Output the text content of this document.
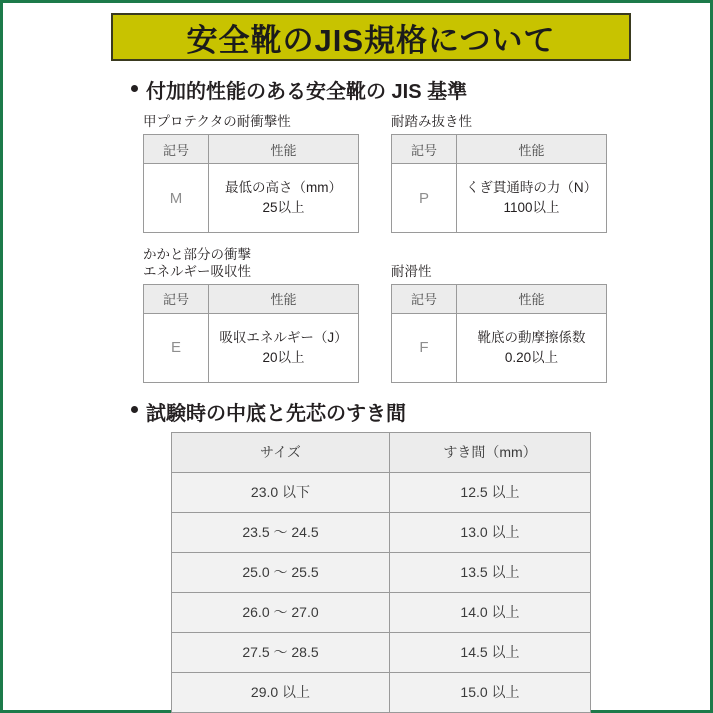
安全靴のJIS規格について
付加的性能のある安全靴の JIS 基準
甲プロテクタの耐衝撃性
記号	性能
M	最低の高さ（mm）
25以上
耐踏み抜き性
記号	性能
P	くぎ貫通時の力（N）
1100以上
かかと部分の衝撃
エネルギー吸収性
記号	性能
E	吸収エネルギー（J）
20以上

耐滑性
記号	性能
F	靴底の動摩擦係数
0.20以上
試験時の中底と先芯のすき間
サイズ	すき間（mm）
23.0 以下	12.5 以上
23.5 ～ 24.5	13.0 以上
25.0 ～ 25.5	13.5 以上
26.0 ～ 27.0	14.0 以上
27.5 ～ 28.5	14.5 以上
29.0 以上	15.0 以上
